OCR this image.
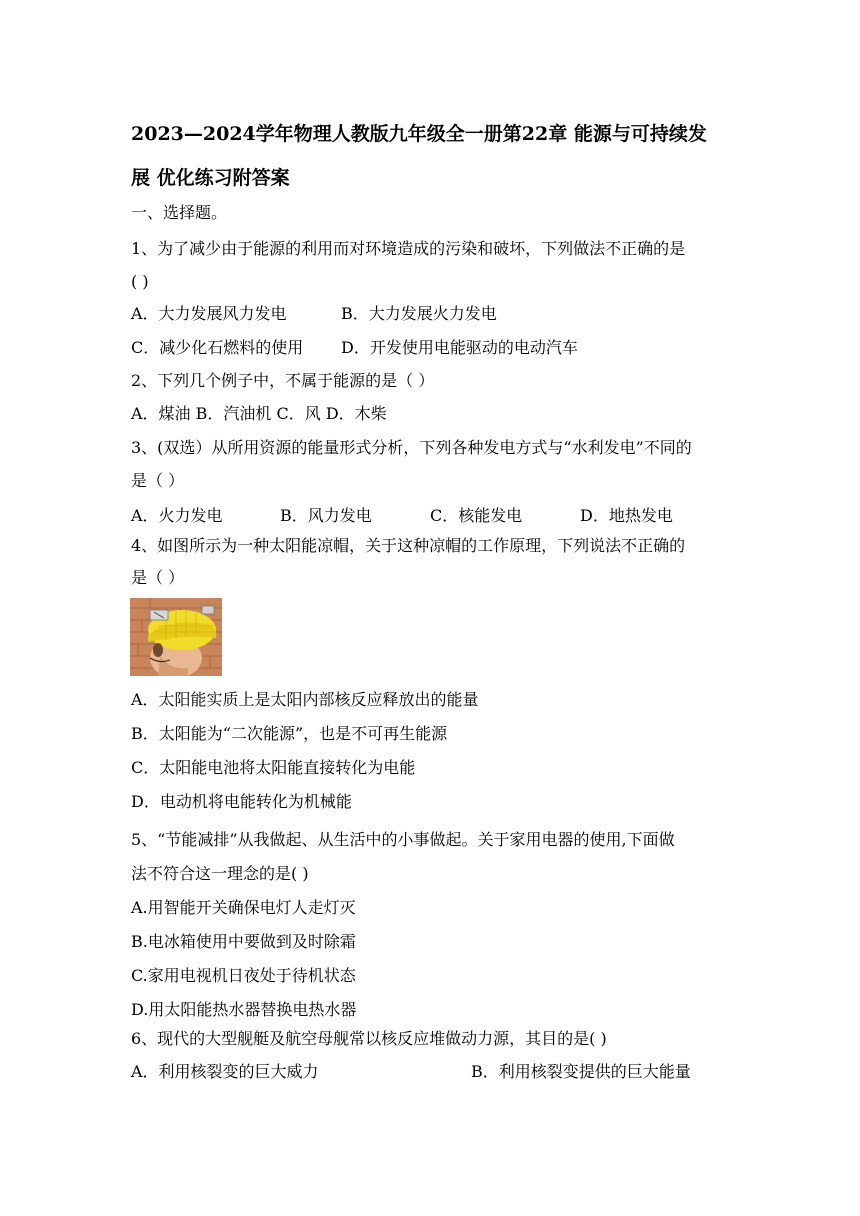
2023—2024学年物理人教版九年级全一册第22章 能源与可持续发
展 优化练习附答案
一、选择题。
1、为了减少由于能源的利用而对环境造成的污染和破坏，下列做法不正确的是
( )
A．大力发展风力发电	B．大力发展火力发电
C．减少化石燃料的使用 D．开发使用电能驱动的电动汽车
2、下列几个例子中，不属于能源的是（ ）
A．煤油 B．汽油机 C．风 D．木柴
3、(双选）从所用资源的能量形式分析，下列各种发电方式与“水利发电”不同的
是（ ）
A．火力发电	B．风力发电	C．核能发电	D．地热发电
4、如图所示为一种太阳能凉帽，关于这种凉帽的工作原理，下列说法不正确的
是（ ）
A．太阳能实质上是太阳内部核反应释放出的能量
B．太阳能为“二次能源”，也是不可再生能源
C．太阳能电池将太阳能直接转化为电能
D．电动机将电能转化为机械能
5、“节能减排”从我做起、从生活中的小事做起。关于家用电器的使用,下面做
法不符合这一理念的是( )
A.用智能开关确保电灯人走灯灭
B.电冰箱使用中要做到及时除霜
C.家用电视机日夜处于待机状态
D.用太阳能热水器替换电热水器
6、现代的大型舰艇及航空母舰常以核反应堆做动力源，其目的是( )
A．利用核裂变的巨大威力	B．利用核裂变提供的巨大能量
